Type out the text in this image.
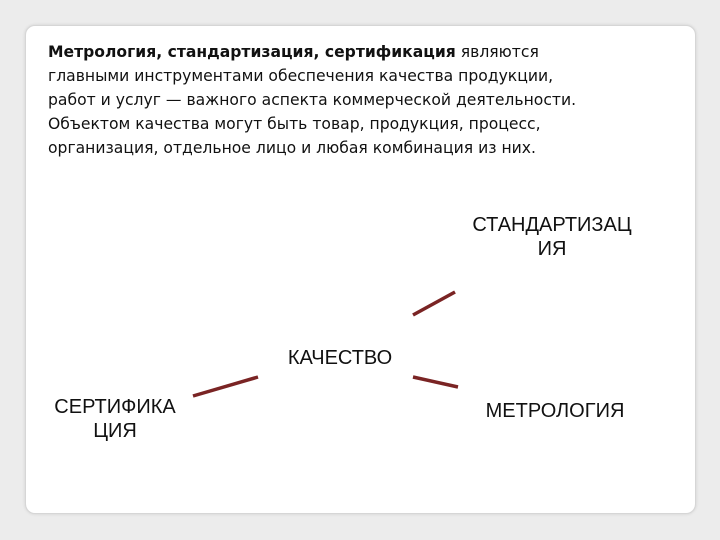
Метрология, стандартизация, сертификация являются
главными инструментами обеспечения качества продукции,
работ и услуг — важного аспекта коммерческой деятельности.
Объектом качества могут быть товар, продукция, процесс,
организация, отдельное лицо и любая комбинация из них.
СТАНДАРТИЗАЦ
ИЯ
КАЧЕСТВО
СЕРТИФИКА
ЦИЯ
МЕТРОЛОГИЯ
